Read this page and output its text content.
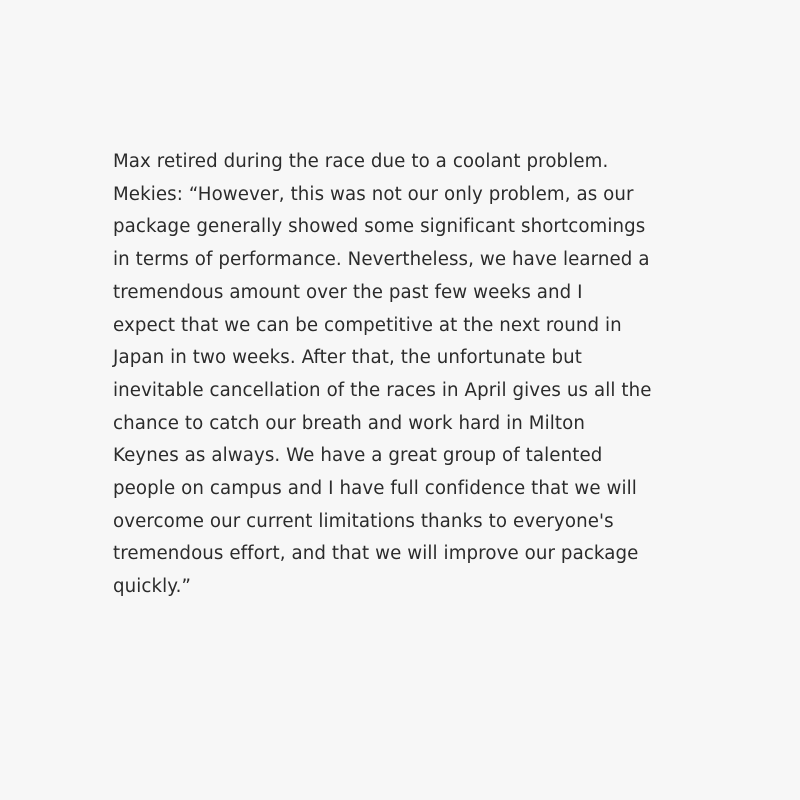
Max retired during the race due to a coolant problem.
Mekies: “However, this was not our only problem, as our
package generally showed some significant shortcomings
in terms of performance. Nevertheless, we have learned a
tremendous amount over the past few weeks and I
expect that we can be competitive at the next round in
Japan in two weeks. After that, the unfortunate but
inevitable cancellation of the races in April gives us all the
chance to catch our breath and work hard in Milton
Keynes as always. We have a great group of talented
people on campus and I have full confidence that we will
overcome our current limitations thanks to everyone's
tremendous effort, and that we will improve our package
quickly.”
